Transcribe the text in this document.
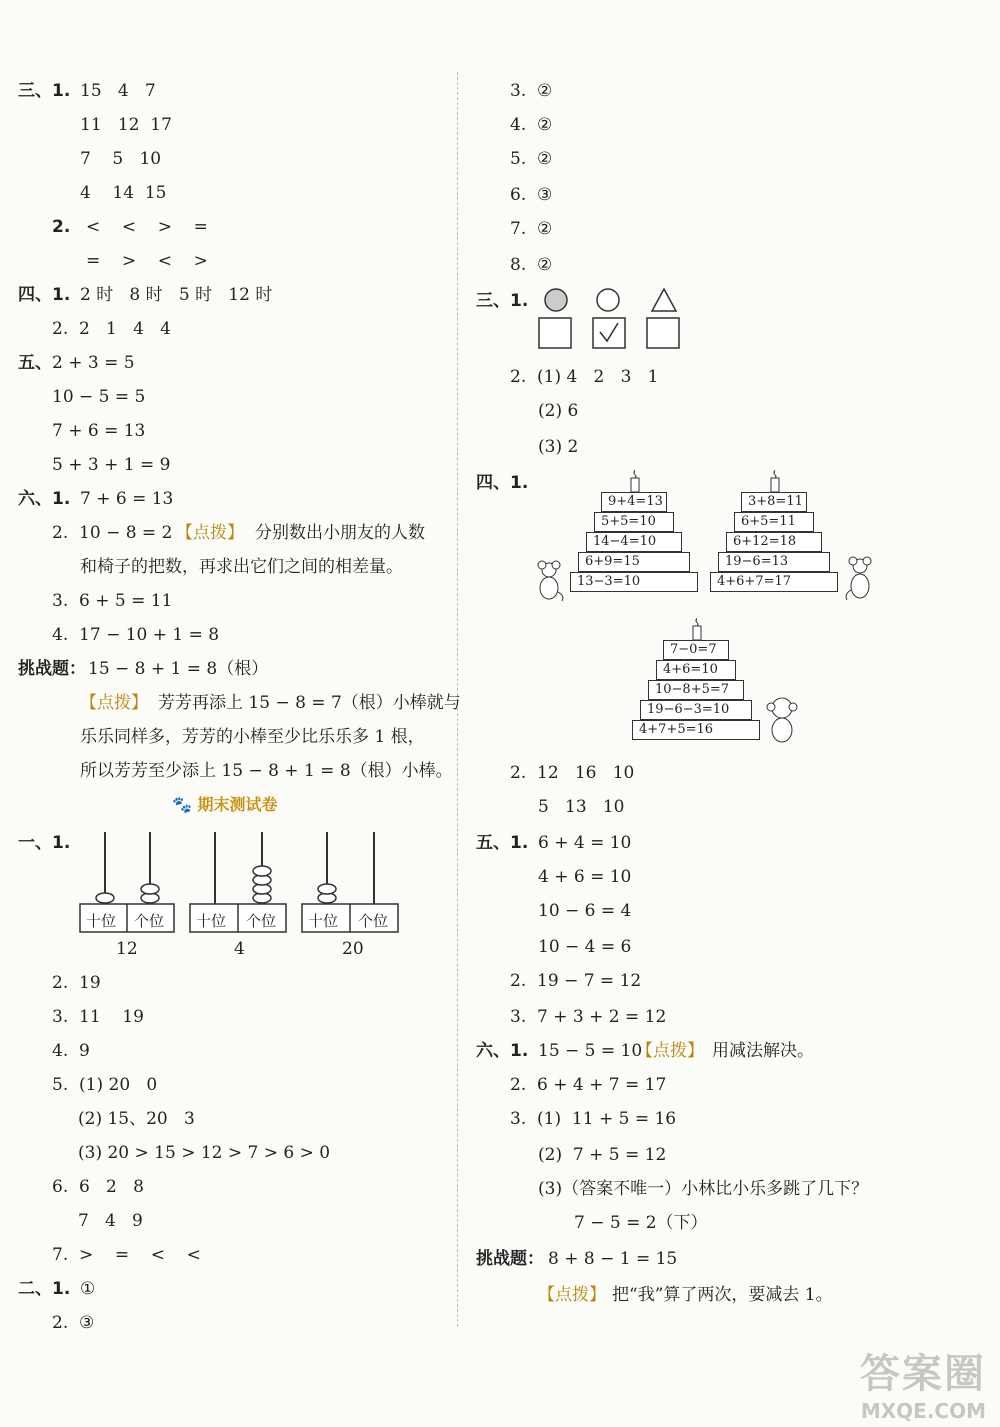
三、1. 15   4   7
11   12  17
7    5   10
4    14  15
2. <    <    >    =
=    >    <    >
四、1. 2 时   8 时   5 时   12 时
2.  2   1   4   4
五、 2 + 3 = 5
10 − 5 = 5
7 + 6 = 13
5 + 3 + 1 = 9
六、1. 7 + 6 = 13
2.  10 − 8 = 2 【点拨】 分别数出小朋友的人数
和椅子的把数，再求出它们之间的相差量。
3.  6 + 5 = 11
4.  17 − 10 + 1 = 8
挑战题： 15 − 8 + 1 = 8（根）
【点拨】 芳芳再添上 15 − 8 = 7（根）小棒就与
乐乐同样多，芳芳的小棒至少比乐乐多 1 根，
所以芳芳至少添上 15 − 8 + 1 = 8（根）小棒。
🐾 期末测试卷
一、1.
十位 个位
12
十位 个位
4
十位 个位
20
2.  19
3.  11    19
4.  9
5.  (1) 20   0
(2) 15、20   3
(3) 20 > 15 > 12 > 7 > 6 > 0
6.  6   2   8
7   4   9
7.  >    =    <    <
二、1. ①
2.  ③
3.  ②
4.  ②
5.  ②
6.  ③
7.  ②
8.  ②
三、1.
2.  (1) 4   2   3   1
(2) 6
(3) 2
四、1.
9+4=13
5+5=10
14−4=10
6+9=15
13−3=10
3+8=11
6+5=11
6+12=18
19−6=13
4+6+7=17
7−0=7
4+6=10
10−8+5=7
19−6−3=10
4+7+5=16
2.  12   16   10
5   13   10
五、1. 6 + 4 = 10
4 + 6 = 10
10 − 6 = 4
10 − 4 = 6
2.  19 − 7 = 12
3.  7 + 3 + 2 = 12
六、1. 15 − 5 = 10
【点拨】 用减法解决。
2.  6 + 4 + 7 = 17
3.  (1)  11 + 5 = 16
(2)  7 + 5 = 12
(3)（答案不唯一）小林比小乐多跳了几下？
7 − 5 = 2（下）
挑战题： 8 + 8 − 1 = 15
【点拨】 把“我”算了两次，要减去 1。
答案圈
MXQE.COM
